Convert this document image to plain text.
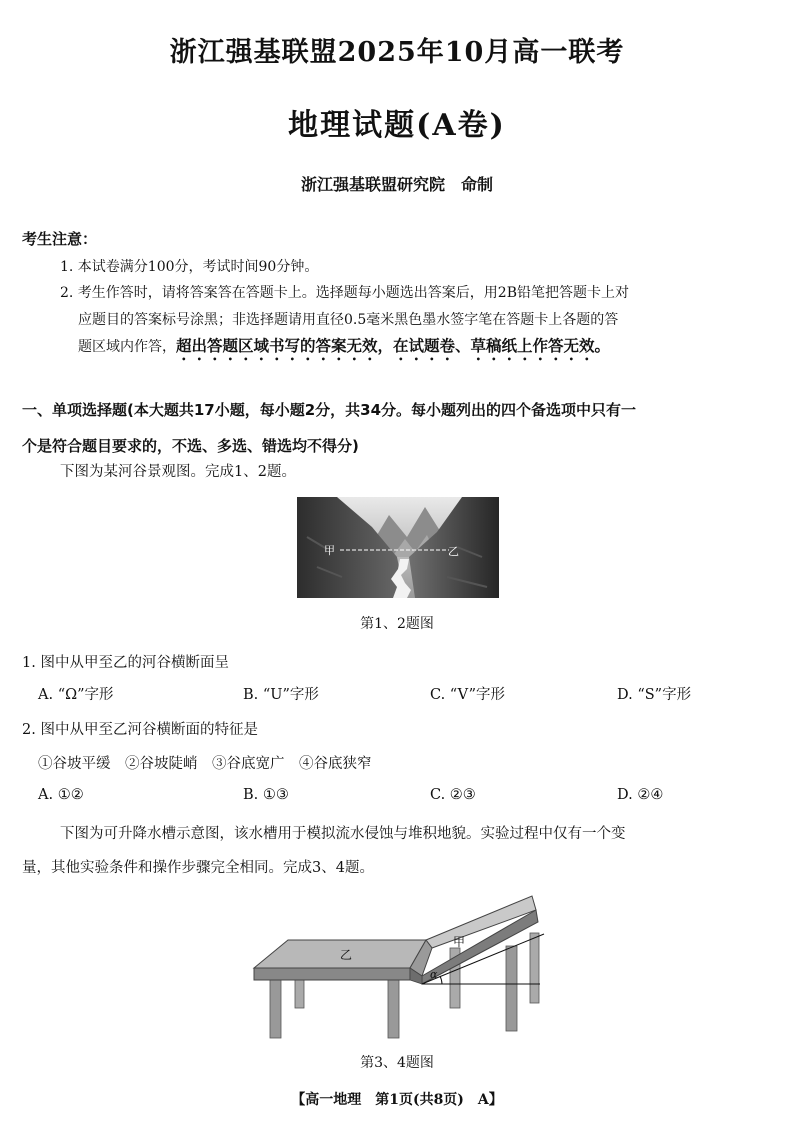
浙江强基联盟2025年10月高一联考
地理试题(A卷)
浙江强基联盟研究院　命制
考生注意：
1. 本试卷满分100分，考试时间90分钟。
2. 考生作答时，请将答案答在答题卡上。选择题每小题选出答案后，用2B铅笔把答题卡上对
应题目的答案标号涂黑；非选择题请用直径0.5毫米黑色墨水签字笔在答题卡上各题的答
题区域内作答，超出答题区域书写的答案无效，在试题卷、草稿纸上作答无效。
一、单项选择题(本大题共17小题，每小题2分，共34分。每小题列出的四个备选项中只有一
个是符合题目要求的，不选、多选、错选均不得分)
下图为某河谷景观图。完成1、2题。
甲	乙
第1、2题图
1. 图中从甲至乙的河谷横断面呈
A. “Ω”字形	B. “U”字形	C. “V”字形	D. “S”字形
2. 图中从甲至乙河谷横断面的特征是
①谷坡平缓　②谷坡陡峭　③谷底宽广　④谷底狭窄
A. ①②	B. ①③	C. ②③	D. ②④
下图为可升降水槽示意图，该水槽用于模拟流水侵蚀与堆积地貌。实验过程中仅有一个变
量，其他实验条件和操作步骤完全相同。完成3、4题。
乙
甲
α
第3、4题图
【高一地理　第1页(共8页)　A】
